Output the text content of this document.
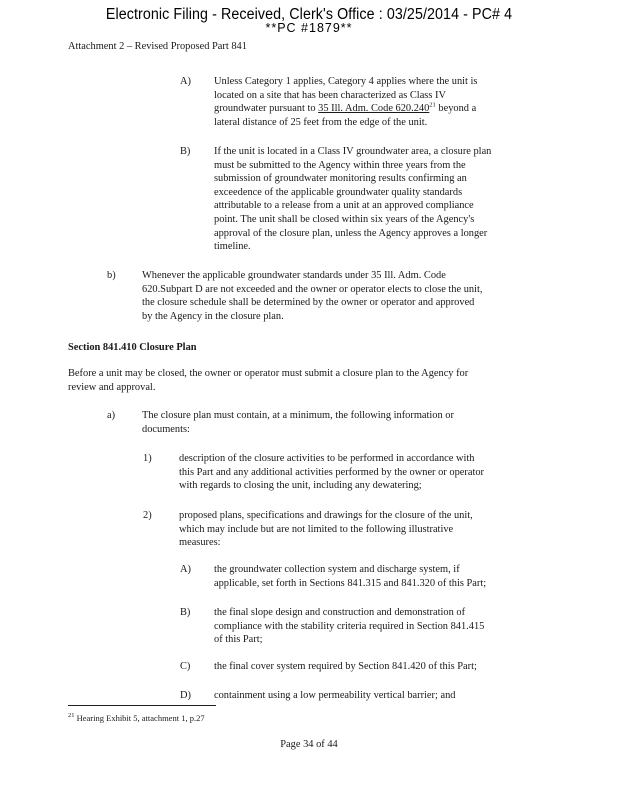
Electronic Filing - Received, Clerk's Office : 03/25/2014 - PC# 4
**PC #1879**
Attachment 2 – Revised Proposed Part 841
A) Unless Category 1 applies, Category 4 applies where the unit is
located on a site that has been characterized as Class IV
groundwater pursuant to 35 Ill. Adm. Code 620.240$^{21}$ beyond a
lateral distance of 25 feet from the edge of the unit.
B) If the unit is located in a Class IV groundwater area, a closure plan
must be submitted to the Agency within three years from the
submission of groundwater monitoring results confirming an
exceedence of the applicable groundwater quality standards
attributable to a release from a unit at an approved compliance
point. The unit shall be closed within six years of the Agency's
approval of the closure plan, unless the Agency approves a longer
timeline.
b)	Whenever the applicable groundwater standards under 35 Ill. Adm. Code
620.Subpart D are not exceeded and the owner or operator elects to close the unit,
the closure schedule shall be determined by the owner or operator and approved
by the Agency in the closure plan.
Section 841.410 Closure Plan
Before a unit may be closed, the owner or operator must submit a closure plan to the Agency for
review and approval.
a)	The closure plan must contain, at a minimum, the following information or
documents:
1)	description of the closure activities to be performed in accordance with
this Part and any additional activities performed by the owner or operator
with regards to closing the unit, including any dewatering;
2)	proposed plans, specifications and drawings for the closure of the unit,
which may include but are not limited to the following illustrative
measures:
A) the groundwater collection system and discharge system, if
applicable, set forth in Sections 841.315 and 841.320 of this Part;
B) the final slope design and construction and demonstration of
compliance with the stability criteria required in Section 841.415
of this Part;
C) the final cover system required by Section 841.420 of this Part;
D) containment using a low permeability vertical barrier; and
$^{21}$ Hearing Exhibit 5, attachment 1, p.27
Page 34 of 44
